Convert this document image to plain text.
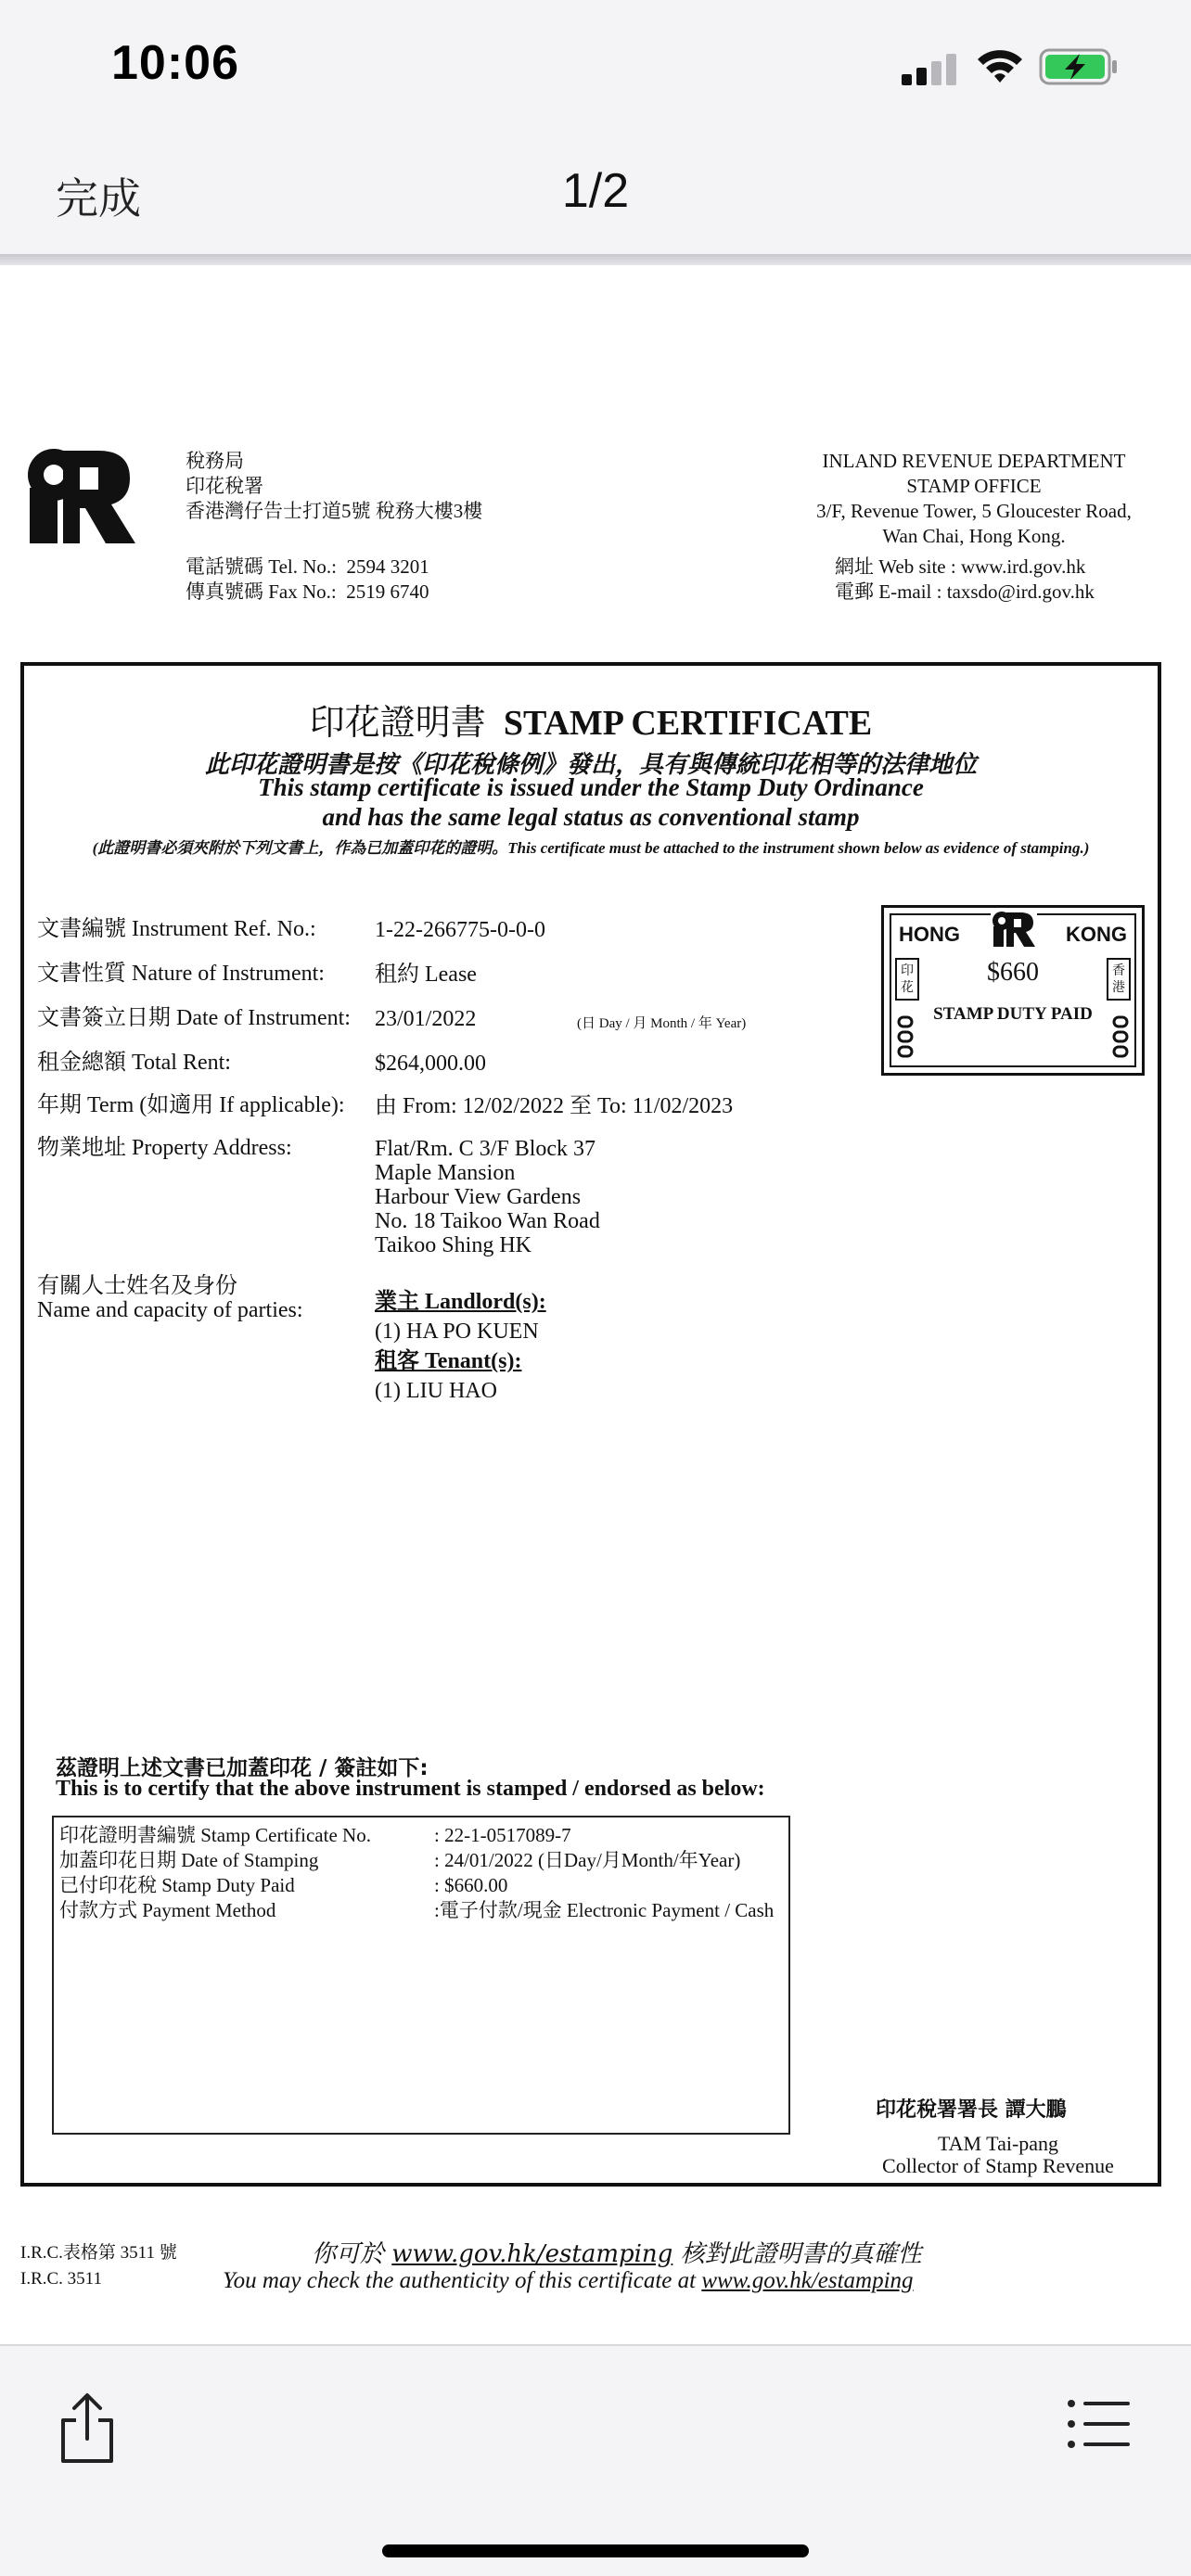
10:06
完成	1/2
稅務局
印花稅署
香港灣仔告士打道5號 稅務大樓3樓
INLAND REVENUE DEPARTMENT
STAMP OFFICE
3/F, Revenue Tower, 5 Gloucester Road,
Wan Chai, Hong Kong.
電話號碼 Tel. No.: 2594 3201
傳真號碼 Fax No.: 2519 6740
網址 Web site : www.ird.gov.hk
電郵 E-mail : taxsdo@ird.gov.hk
印花證明書 STAMP CERTIFICATE
此印花證明書是按《印花稅條例》發出，具有與傳統印花相等的法律地位
This stamp certificate is issued under the Stamp Duty Ordinance
and has the same legal status as conventional stamp
(此證明書必須夾附於下列文書上，作為已加蓋印花的證明。This certificate must be attached to the instrument shown below as evidence of stamping.)
文書編號 Instrument Ref. No.:	1-22-266775-0-0-0
文書性質 Nature of Instrument: 租約 Lease
文書簽立日期 Date of Instrument: 23/01/2022	(日 Day / 月 Month / 年 Year)
租金總額 Total Rent:	$264,000.00
年期 Term (如適用 If applicable): 由 From: 12/02/2022 至 To: 11/02/2023
物業地址 Property Address:	Flat/Rm. C 3/F Block 37
Maple Mansion
Harbour View Gardens
No. 18 Taikoo Wan Road
Taikoo Shing HK
有關人士姓名及身份
Name and capacity of parties:	業主 Landlord(s):
(1) HA PO KUEN
租客 Tenant(s):
(1) LIU HAO
HONG	KONG
印花
香港
$660
STAMP DUTY PAID
茲證明上述文書已加蓋印花 / 簽註如下:
This is to certify that the above instrument is stamped / endorsed as below:
印花證明書編號 Stamp Certificate No.	: 22-1-0517089-7
加蓋印花日期 Date of Stamping	: 24/01/2022 (日Day/月Month/年Year)
已付印花稅 Stamp Duty Paid	: $660.00
付款方式 Payment Method	:電子付款/現金 Electronic Payment / Cash
印花稅署署長 譚大鵬
TAM Tai-pang
Collector of Stamp Revenue
I.R.C.表格第 3511 號
I.R.C. 3511
你可於 www.gov.hk/estamping 核對此證明書的真確性
You may check the authenticity of this certificate at www.gov.hk/estamping
